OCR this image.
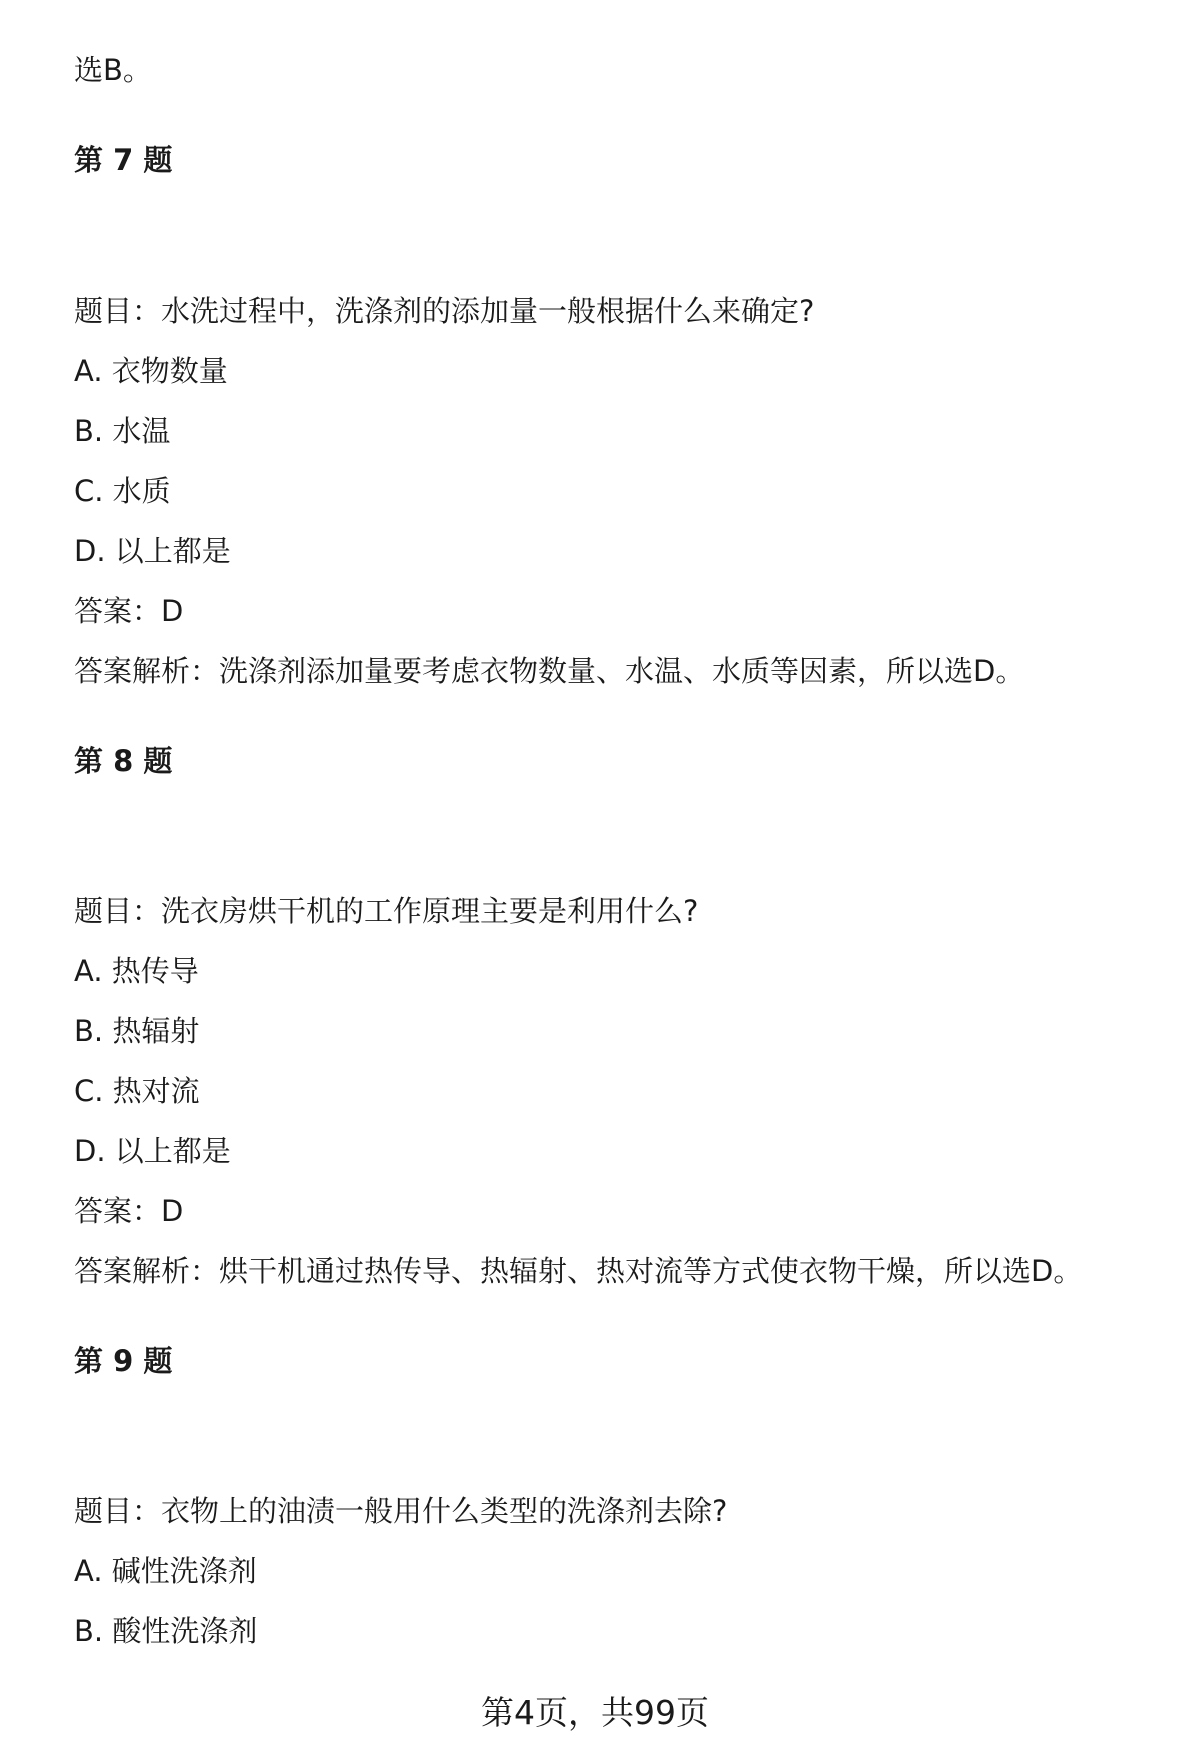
选B。
第 7 题
题目：水洗过程中，洗涤剂的添加量一般根据什么来确定?
A. 衣物数量
B. 水温
C. 水质
D. 以上都是
答案：D
答案解析：洗涤剂添加量要考虑衣物数量、水温、水质等因素，所以选D。
第 8 题
题目：洗衣房烘干机的工作原理主要是利用什么?
A. 热传导
B. 热辐射
C. 热对流
D. 以上都是
答案：D
答案解析：烘干机通过热传导、热辐射、热对流等方式使衣物干燥，所以选D。
第 9 题
题目：衣物上的油渍一般用什么类型的洗涤剂去除?
A. 碱性洗涤剂
B. 酸性洗涤剂
第4页，共99页
